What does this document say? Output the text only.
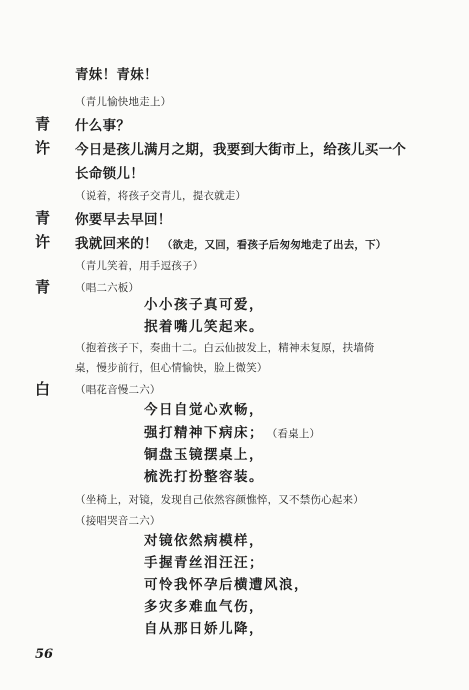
青妹！青妹！
（青儿愉快地走上）
青 什么事？
许 今日是孩儿满月之期，我要到大街市上，给孩儿买一个
长命锁儿！
（说着，将孩子交青儿，提衣就走）
青 你要早去早回！
许 我就回来的！ （欲走，又回，看孩子后匆匆地走了出去，下）
（青儿笑着，用手逗孩子）
青 （唱二六板）
小小孩子真可爱，
抿着嘴儿笑起来。
（抱着孩子下，奏曲十二。白云仙披发上，精神未复原，扶墙倚
桌，慢步前行，但心情愉快，脸上微笑）
白 （唱花音慢二六）
今日自觉心欢畅，
强打精神下病床； （看桌上）
铜盘玉镜摆桌上，
梳洗打扮整容装。
（坐椅上，对镜，发现自己依然容颜憔悴，又不禁伤心起来）
（接唱哭音二六）
对镜依然病模样，
手握青丝泪汪汪；
可怜我怀孕后横遭风浪，
多灾多难血气伤，
自从那日娇儿降，
56
